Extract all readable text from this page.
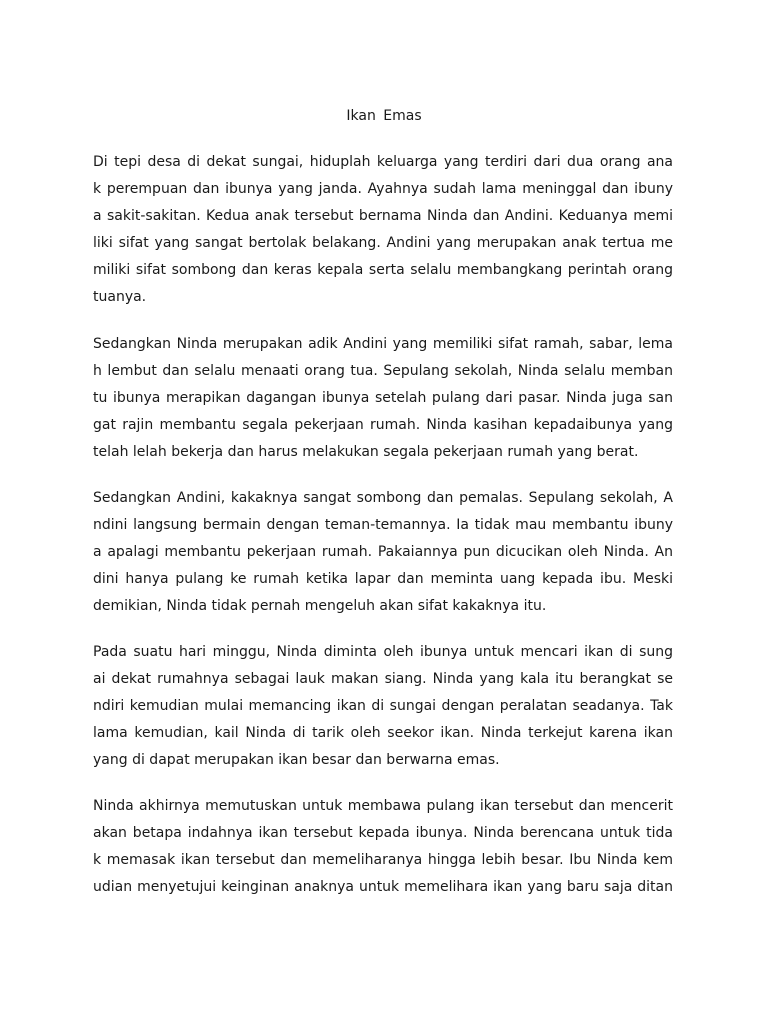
Ikan Emas
Di tepi desa di dekat sungai, hiduplah keluarga yang terdiri dari dua orang ana
k perempuan dan ibunya yang janda. Ayahnya sudah lama meninggal dan ibuny
a sakit-sakitan. Kedua anak tersebut bernama Ninda dan Andini. Keduanya memi
liki sifat yang sangat bertolak belakang. Andini yang merupakan anak tertua me
miliki sifat sombong dan keras kepala serta selalu membangkang perintah orang
tuanya.
Sedangkan Ninda merupakan adik Andini yang memiliki sifat ramah, sabar, lema
h lembut dan selalu menaati orang tua. Sepulang sekolah, Ninda selalu memban
tu ibunya merapikan dagangan ibunya setelah pulang dari pasar. Ninda juga san
gat rajin membantu segala pekerjaan rumah. Ninda kasihan kepadaibunya yang
telah lelah bekerja dan harus melakukan segala pekerjaan rumah yang berat.
Sedangkan Andini, kakaknya sangat sombong dan pemalas. Sepulang sekolah, A
ndini langsung bermain dengan teman-temannya. Ia tidak mau membantu ibuny
a apalagi membantu pekerjaan rumah. Pakaiannya pun dicucikan oleh Ninda. An
dini hanya pulang ke rumah ketika lapar dan meminta uang kepada ibu. Meski
demikian, Ninda tidak pernah mengeluh akan sifat kakaknya itu.
Pada suatu hari minggu, Ninda diminta oleh ibunya untuk mencari ikan di sung
ai dekat rumahnya sebagai lauk makan siang. Ninda yang kala itu berangkat se
ndiri kemudian mulai memancing ikan di sungai dengan peralatan seadanya. Tak
lama kemudian, kail Ninda di tarik oleh seekor ikan. Ninda terkejut karena ikan
yang di dapat merupakan ikan besar dan berwarna emas.
Ninda akhirnya memutuskan untuk membawa pulang ikan tersebut dan mencerit
akan betapa indahnya ikan tersebut kepada ibunya. Ninda berencana untuk tida
k memasak ikan tersebut dan memeliharanya hingga lebih besar. Ibu Ninda kem
udian menyetujui keinginan anaknya untuk memelihara ikan yang baru saja ditan
